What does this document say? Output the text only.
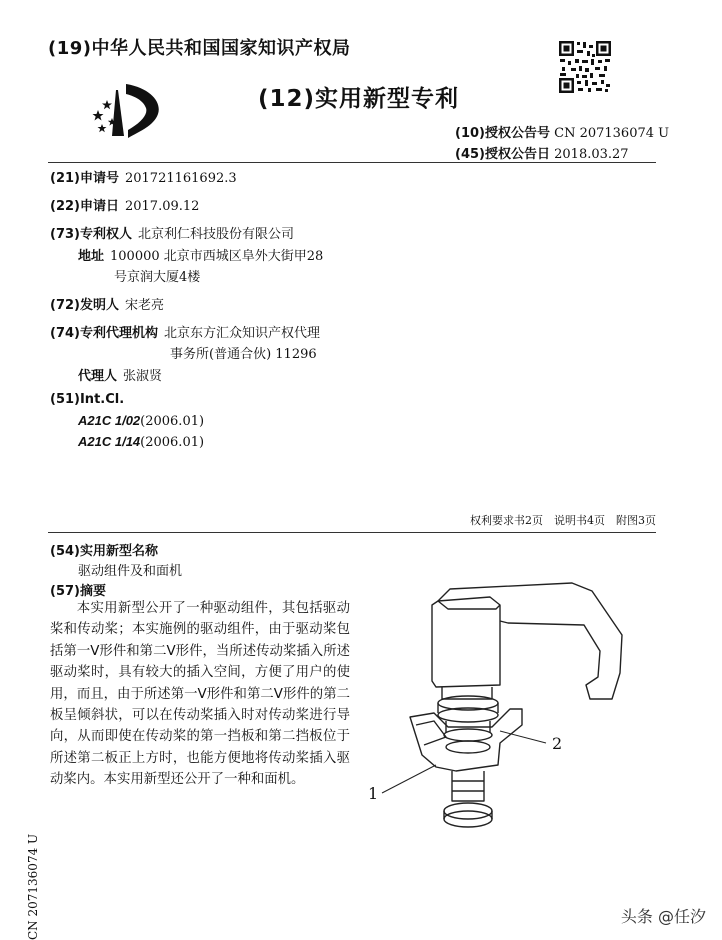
(19)中华人民共和国国家知识产权局
(12)实用新型专利
(10)授权公告号 CN 207136074 U
(45)授权公告日 2018.03.27
(21)申请号 201721161692.3
(22)申请日 2017.09.12
(73)专利权人 北京利仁科技股份有限公司
地址 100000 北京市西城区阜外大街甲28
号京润大厦4楼
(72)发明人 宋老亮
(74)专利代理机构 北京东方汇众知识产权代理
事务所(普通合伙) 11296
代理人 张淑贤
(51)Int.Cl.
A21C 1/02(2006.01)
A21C 1/14(2006.01)
权利要求书2页　说明书4页　附图3页
(54)实用新型名称
驱动组件及和面机
(57)摘要
本实用新型公开了一种驱动组件，其包括驱动桨和传动桨；本实施例的驱动组件，由于驱动桨包括第一V形件和第二V形件，当所述传动桨插入所述驱动桨时，具有较大的插入空间，方便了用户的使用，而且，由于所述第一V形件和第二V形件的第二板呈倾斜状，可以在传动桨插入时对传动桨进行导向，从而即使在传动桨的第一挡板和第二挡板位于所述第二板正上方时，也能方便地将传动桨插入驱动桨内。本实用新型还公开了一种和面机。
1
2
CN 207136074 U	头条 @任汐
